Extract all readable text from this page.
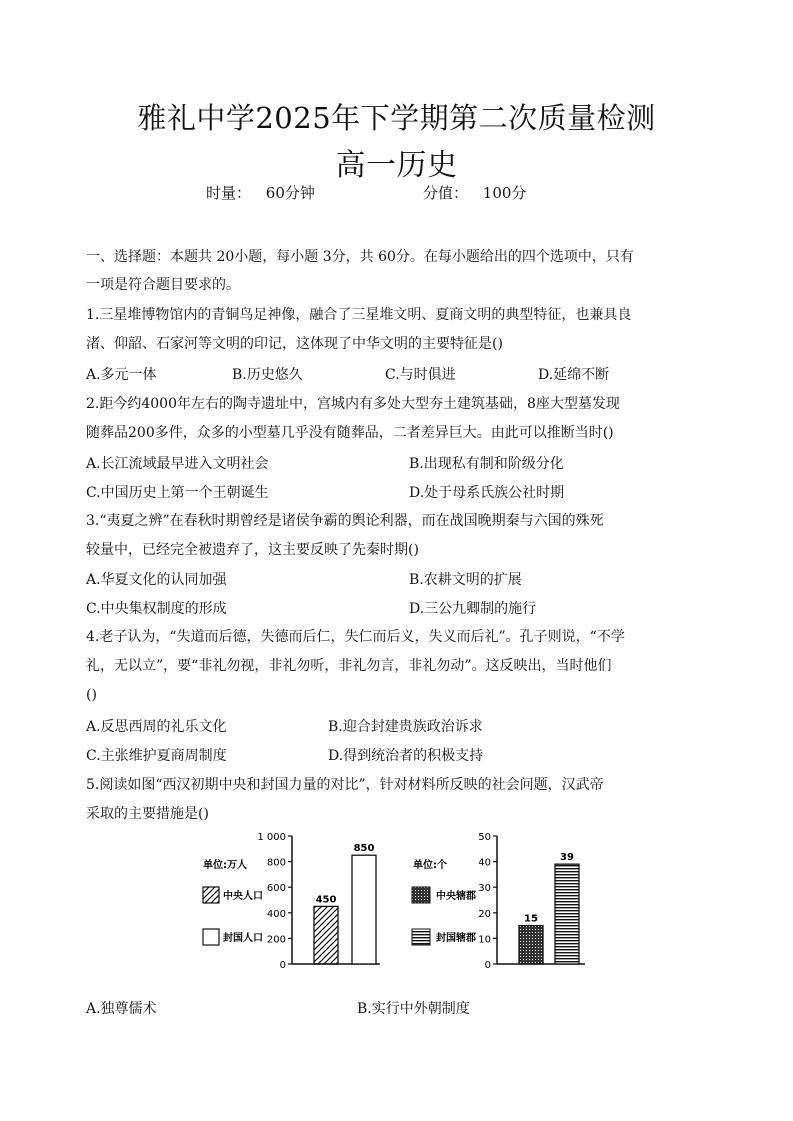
雅礼中学2025年下学期第二次质量检测
高一历史
时量： 60分钟	分值： 100分
一、选择题：本题共 20小题，每小题 3分，共 60分。在每小题给出的四个选项中，只有
一项是符合题目要求的。
1.三星堆博物馆内的青铜鸟足神像，融合了三星堆文明、夏商文明的典型特征，也兼具良
渚、仰韶、石家河等文明的印记，这体现了中华文明的主要特征是()
A.多元一体	B.历史悠久	C.与时俱进	D.延绵不断
2.距今约4000年左右的陶寺遗址中，宫城内有多处大型夯土建筑基础，8座大型墓发现
随葬品200多件，众多的小型墓几乎没有随葬品，二者差异巨大。由此可以推断当时()
A.长江流域最早进入文明社会	B.出现私有制和阶级分化
C.中国历史上第一个王朝诞生	D.处于母系氏族公社时期
3.“夷夏之辨”在春秋时期曾经是诸侯争霸的舆论利器，而在战国晚期秦与六国的殊死
较量中，已经完全被遗弃了，这主要反映了先秦时期()
A.华夏文化的认同加强	B.农耕文明的扩展
C.中央集权制度的形成	D.三公九卿制的施行
4.老子认为，“失道而后德，失德而后仁，失仁而后义，失义而后礼”。孔子则说，“不学
礼，无以立”，要“非礼勿视，非礼勿听，非礼勿言，非礼勿动”。这反映出，当时他们
()
A.反思西周的礼乐文化	B.迎合封建贵族政治诉求
C.主张维护夏商周制度	D.得到统治者的积极支持
5.阅读如图“西汉初期中央和封国力量的对比”，针对材料所反映的社会问题，汉武帝
采取的主要措施是()
单位:万人
0
200
400
600
800
1 000
450
850
中央人口
封国人口
单位:个
0
10
20
30
40
50
15
39
中央辖郡
封国辖郡
A.独尊儒术	B.实行中外朝制度
